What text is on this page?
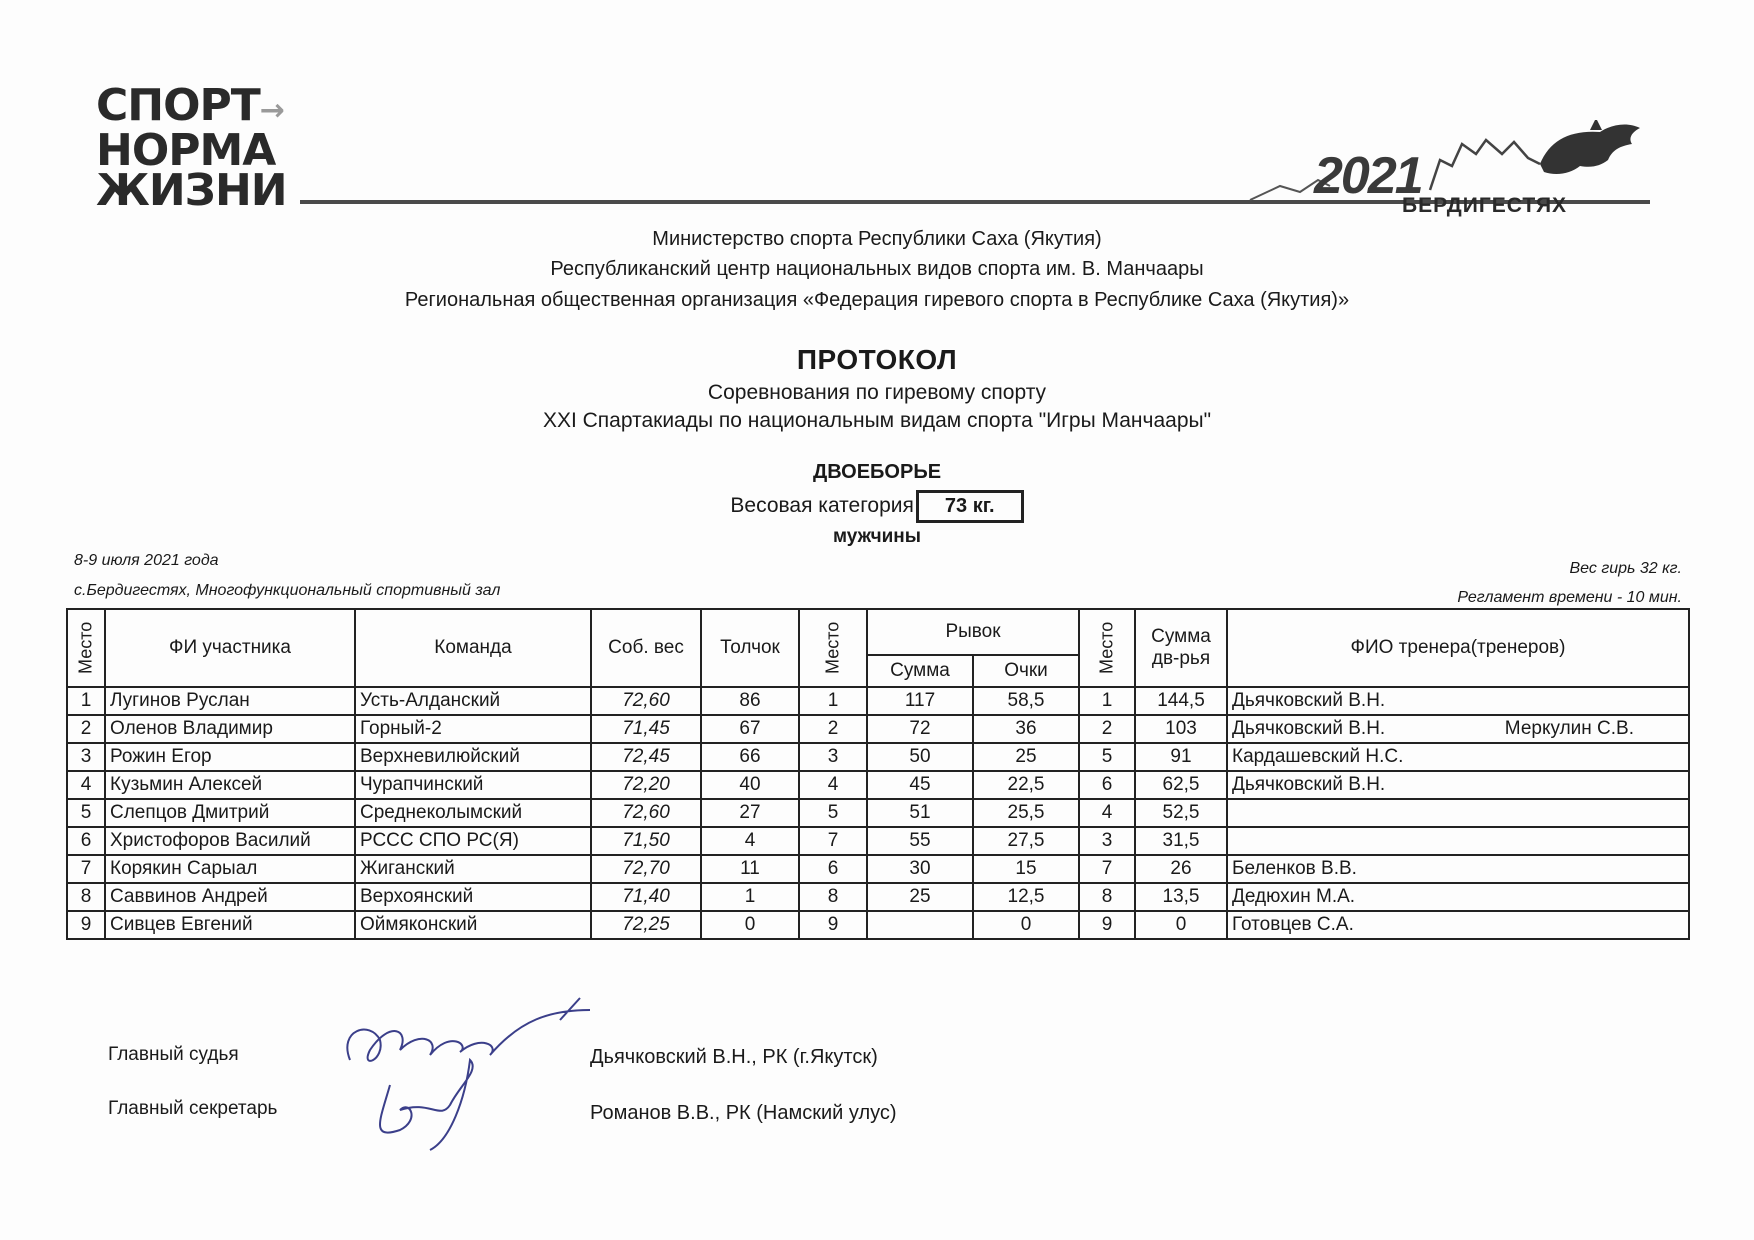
СПОРТ→
НОРМА
ЖИЗНИ	2021
БЕРДИГЕСТЯХ
Министерство спорта Республики Саха (Якутия)
Республиканский центр национальных видов спорта им. В. Манчаары
Региональная общественная организация «Федерация гиревого спорта в Республике Саха (Якутия)»
ПРОТОКОЛ
Соревнования по гиревому спорту
XXI Спартакиады по национальным видам спорта "Игры Манчаары"
ДВОЕБОРЬЕ
Весовая категория 73 кг.
мужчины
8-9 июля 2021 года
с.Бердигестях, Многофункциональный спортивный зал
Вес гирь 32 кг.
Регламент времени - 10 мин.
Место	ФИ участника	Команда	Соб. вес	Толчок	Место	Рывок		Место	Сумма дв-рья	ФИО тренера(тренеров)
						Сумма	Очки			
1	Лугинов Руслан	Усть-Алданский	72,60	86	1	117	58,5	1	144,5	Дьячковский В.Н.

2	Оленов Владимир	Горный-2	71,45	67	2	72	36	2	103	Дьячковский В.Н. Меркулин С.В.

3	Рожин Егор	Верхневилюйский	72,45	66	3	50	25	5	91	Кардашевский Н.С.

4	Кузьмин Алексей	Чурапчинский	72,20	40	4	45	22,5	6	62,5	Дьячковский В.Н.

5	Слепцов Дмитрий	Среднеколымский	72,60	27	5	51	25,5	4	52,5	

6	Христофоров Василий	РСCC СПО РС(Я)	71,50	4	7	55	27,5	3	31,5	

7	Корякин Сарыал	Жиганский	72,70	11	6	30	15	7	26	Беленков В.В.

8	Саввинов Андрей	Верхоянский	71,40	1	8	25	12,5	8	13,5	Дедюхин М.А.

9	Сивцев Евгений	Оймяконский	72,25	0	9		0	9	0	Готовцев С.А.
Главный судья
Главный секретарь
Дьячковский В.Н., РК (г.Якутск)
Романов В.В., РК (Намский улус)
